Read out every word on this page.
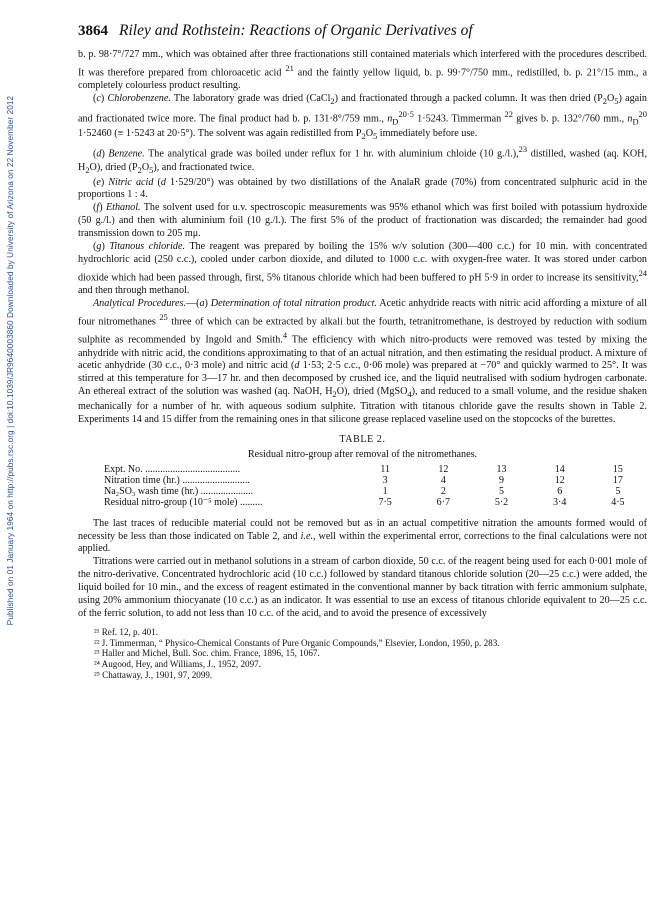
Published on 01 January 1964 on http://pubs.rsc.org | doi:10.1039/JR9640003860 Downloaded by University of Arizona on 22 November 2012
3864 Riley and Rothstein: Reactions of Organic Derivatives of

b. p. 98·7°/727 mm., which was obtained after three fractionations still contained materials which interfered with the procedures described. It was therefore prepared from chloroacetic acid $^{21}$ and the faintly yellow liquid, b. p. 99·7°/750 mm., redistilled, b. p. 21°/15 mm., a completely colourless product resulting.

(c) Chlorobenzene. The laboratory grade was dried (CaCl$_2$) and fractionated through a packed column. It was then dried $(P_2O_5)$ again and fractionated twice more. The final product had b. p. 131·8°/759 mm., $n_D^{20\cdot 5}$ 1·5243. Timmerman $^{22}$ gives b. p. 132°/760 mm., $n_D^{20}$ 1·52460 (≡ 1·5243 at 20·5°). The solvent was again redistilled from $P_2O_5$ immediately before use.

(d) Benzene. The analytical grade was boiled under reflux for 1 hr. with aluminium chloide (10 g./l.),$^{23}$ distilled, washed (aq. KOH, $H_2O$), dried $(P_2O_5)$, and fractionated twice.

(e) Nitric acid (d 1·529/20°) was obtained by two distillations of the AnalaR grade (70%) from concentrated sulphuric acid in the proportions 1 : 4.

(f) Ethanol. The solvent used for u.v. spectroscopic measurements was 95% ethanol which was first boiled with potassium hydroxide (50 g./l.) and then with aluminium foil (10 g./l.). The first 5% of the product of fractionation was discarded; the remainder had good transmission down to 205 mμ.

(g) Titanous chloride. The reagent was prepared by boiling the 15% w/v solution (300—400 c.c.) for 10 min. with concentrated hydrochloric acid (250 c.c.), cooled under carbon dioxide, and diluted to 1000 c.c. with oxygen-free water. It was stored under carbon dioxide which had been passed through, first, 5% titanous chloride which had been buffered to pH 5·9 in order to increase its sensitivity,$^{24}$ and then through methanol.

Analytical Procedures.—(a) Determination of total nitration product. Acetic anhydride reacts with nitric acid affording a mixture of all four nitromethanes $^{25}$ three of which can be extracted by alkali but the fourth, tetranitromethane, is destroyed by reduction with sodium sulphite as recommended by Ingold and Smith.$^4$ The efficiency with which nitro-products were removed was tested by mixing the anhydride with nitric acid, the conditions approximating to that of an actual nitration, and then estimating the residual product. A mixture of acetic anhydride (30 c.c., 0·3 mole) and nitric acid (d 1·53; 2·5 c.c., 0·06 mole) was prepared at −70° and quickly warmed to 25°. It was stirred at this temperature for 3—17 hr. and then decomposed by crushed ice, and the liquid neutralised with sodium hydrogen carbonate. An ethereal extract of the solution was washed (aq. NaOH, $H_2O$), dried (MgSO$_4$), and reduced to a small volume, and the residue shaken mechanically for a number of hr. with aqueous sodium sulphite. Titration with titanous chloride gave the results shown in Table 2. Experiments 14 and 15 differ from the remaining ones in that silicone grease replaced vaseline used on the stopcocks of the burettes.

TABLE 2.
Residual nitro-group after removal of the nitromethanes.
Expt. No. ......................................	11	12	13	14	15
Nitration time (hr.) ...........................	3	4	9	12	17
Na₂SO₃ wash time (hr.) .....................	1	2	5	6	5
Residual nitro-group (10⁻⁵ mole) .........	7·5	6·7	5·2	3·4	4·5

The last traces of reducible material could not be removed but as in an actual competitive nitration the amounts formed would of necessity be less than those indicated on Table 2, and i.e., well within the experimental error, corrections to the final calculations were not applied.

Titrations were carried out in methanol solutions in a stream of carbon dioxide, 50 c.c. of the reagent being used for each 0·001 mole of the nitro-derivative. Concentrated hydrochloric acid (10 c.c.) followed by standard titanous chloride solution (20—25 c.c.) were added, the liquid boiled for 10 min., and the excess of reagent estimated in the conventional manner by back titration with ferric ammonium sulphate, using 20% ammonium thiocyanate (10 c.c.) as an indicator. It was essential to use an excess of titanous chloride equivalent to 20—25 c.c. of the ferric solution, to add not less than 10 c.c. of the acid, and to avoid the presence of excessively

²¹ Ref. 12, p. 401.
²² J. Timmerman, “ Physico-Chemical Constants of Pure Organic Compounds,” Elsevier, London, 1950, p. 283.
²³ Haller and Michel, Bull. Soc. chim. France, 1896, 15, 1067.
²⁴ Augood, Hey, and Williams, J., 1952, 2097.
²⁵ Chattaway, J., 1901, 97, 2099.
